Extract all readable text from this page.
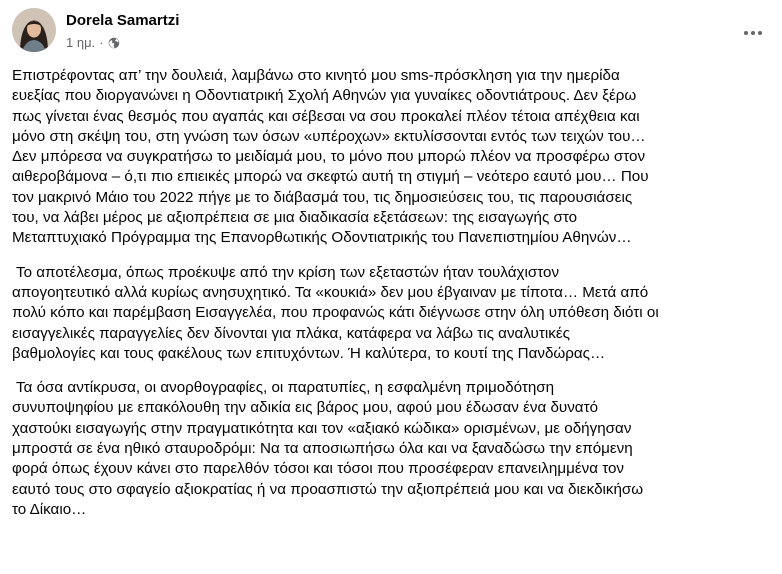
Dorela Samartzi
1 ημ. ·

Επιστρέφοντας απ’ την δουλειά, λαμβάνω στο κινητό μου sms-πρόσκληση για την ημερίδα
ευεξίας που διοργανώνει η Οδοντιατρική Σχολή Αθηνών για γυναίκες οδοντιάτρους. Δεν ξέρω
πως γίνεται ένας θεσμός που αγαπάς και σέβεσαι να σου προκαλεί πλέον τέτοια απέχθεια και
μόνο στη σκέψη του, στη γνώση των όσων «υπέροχων» εκτυλίσσονται εντός των τειχών του…
Δεν μπόρεσα να συγκρατήσω το μειδίαμά μου, το μόνο που μπορώ πλέον να προσφέρω στον
αιθεροβάμονα – ό,τι πιο επιεικές μπορώ να σκεφτώ αυτή τη στιγμή – νεότερο εαυτό μου… Που
τον μακρινό Μάιο του 2022 πήγε με το διάβασμά του, τις δημοσιεύσεις του, τις παρουσιάσεις
του, να λάβει μέρος με αξιοπρέπεια σε μια διαδικασία εξετάσεων: της εισαγωγής στο
Μεταπτυχιακό Πρόγραμμα της Επανορθωτικής Οδοντιατρικής του Πανεπιστημίου Αθηνών…

Το αποτέλεσμα, όπως προέκυψε από την κρίση των εξεταστών ήταν τουλάχιστον
απογοητευτικό αλλά κυρίως ανησυχητικό. Τα «κουκιά» δεν μου έβγαιναν με τίποτα… Μετά από
πολύ κόπο και παρέμβαση Εισαγγελέα, που προφανώς κάτι διέγνωσε στην όλη υπόθεση διότι οι
εισαγγελικές παραγγελίες δεν δίνονται για πλάκα, κατάφερα να λάβω τις αναλυτικές
βαθμολογίες και τους φακέλους των επιτυχόντων. Ή καλύτερα, το κουτί της Πανδώρας…

Τα όσα αντίκρυσα, οι ανορθογραφίες, οι παρατυπίες, η εσφαλμένη πριμοδότηση
συνυποψηφίου με επακόλουθη την αδικία εις βάρος μου, αφού μου έδωσαν ένα δυνατό
χαστούκι εισαγωγής στην πραγματικότητα και τον «αξιακό κώδικα» ορισμένων, με οδήγησαν
μπροστά σε ένα ηθικό σταυροδρόμι: Να τα αποσιωπήσω όλα και να ξαναδώσω την επόμενη
φορά όπως έχουν κάνει στο παρελθόν τόσοι και τόσοι που προσέφεραν επανειλημμένα τον
εαυτό τους στο σφαγείο αξιοκρατίας ή να προασπιστώ την αξιοπρέπειά μου και να διεκδικήσω
το Δίκαιο…
